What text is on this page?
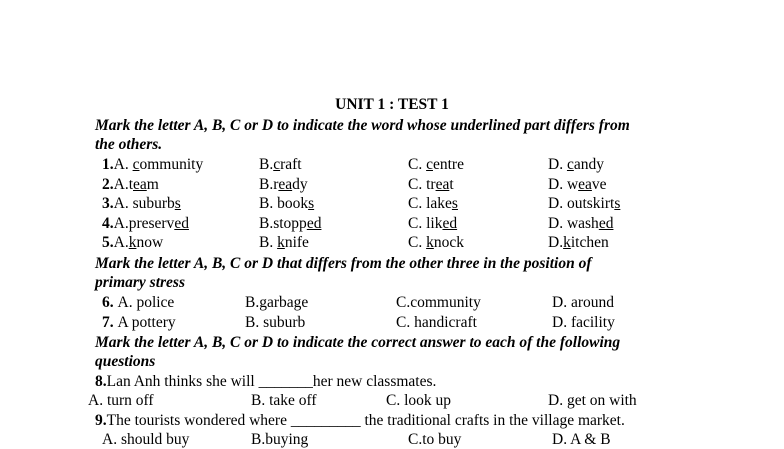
UNIT 1 : TEST 1
Mark the letter A, B, C or D to indicate the word whose underlined part differs from
the others.
1.A. community	B.craft	C. centre	D. candy
2.A.team	B.ready	C. treat	D. weave
3.A. suburbs	B. books	C. lakes	D. outskirts
4.A.preserved	B.stopped	C. liked	D. washed
5.A.know	B. knife	C. knock	D.kitchen
Mark the letter A, B, C or D that differs from the other three in the position of
primary stress
6. A. police	B.garbage	C.community	D. around
7. A pottery	B. suburb	C. handicraft	D. facility
Mark the letter A, B, C or D to indicate the correct answer to each of the following
questions
8.Lan Anh thinks she will _______her new classmates.
A. turn off	B. take off	C. look up	D. get on with
9.The tourists wondered where _________ the traditional crafts in the village market.
A. should buy	B.buying	C.to buy	D. A & B
